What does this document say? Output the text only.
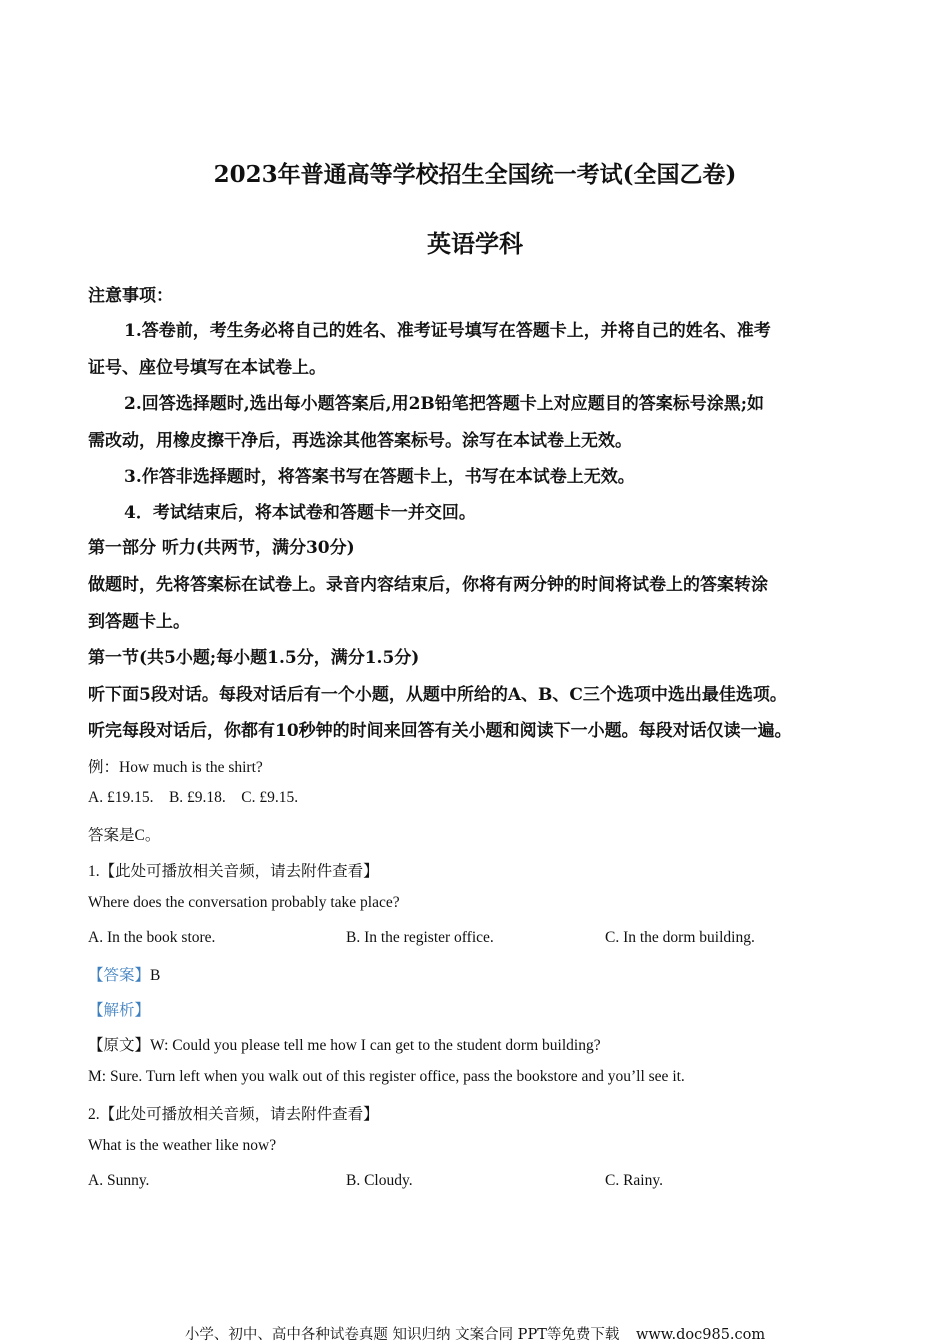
2023年普通高等学校招生全国统一考试(全国乙卷)
英语学科
注意事项：
1.答卷前，考生务必将自己的姓名、准考证号填写在答题卡上，并将自己的姓名、准考
证号、座位号填写在本试卷上。
2.回答选择题时,选出每小题答案后,用2B铅笔把答题卡上对应题目的答案标号涂黑;如
需改动，用橡皮擦干净后，再选涂其他答案标号。涂写在本试卷上无效。
3.作答非选择题时，将答案书写在答题卡上，书写在本试卷上无效。
4．考试结束后，将本试卷和答题卡一并交回。
第一部分 听力(共两节，满分30分)
做题时，先将答案标在试卷上。录音内容结束后，你将有两分钟的时间将试卷上的答案转涂
到答题卡上。
第一节(共5小题;每小题1.5分，满分1.5分)
听下面5段对话。每段对话后有一个小题，从题中所给的A、B、C三个选项中选出最佳选项。
听完每段对话后，你都有10秒钟的时间来回答有关小题和阅读下一小题。每段对话仅读一遍。
例：How much is the shirt?
A. £19.15.    B. £9.18.    C. £9.15.
答案是C。
1.【此处可播放相关音频，请去附件查看】
Where does the conversation probably take place?
A. In the book store.	B. In the register office.	C. In the dorm building.
【答案】B
【解析】
【原文】W: Could you please tell me how I can get to the student dorm building?
M: Sure. Turn left when you walk out of this register office, pass the bookstore and you’ll see it.
2.【此处可播放相关音频，请去附件查看】
What is the weather like now?
A. Sunny.	B. Cloudy.	C. Rainy.
小学、初中、高中各种试卷真题 知识归纳 文案合同 PPT等免费下载 www.doc985.com
